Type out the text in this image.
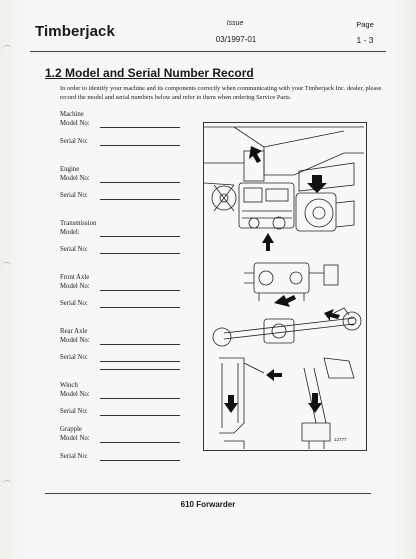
Timberjack	Issue
03/1997-01
Page
1 - 3
1.2 Model and Serial Number Record
In order to identify your machine and its components correctly when communicating with your Timberjack Inc. dealer, please record the model and serial numbers below and refer to them when ordering Service Parts.
Machine
Model No:
Serial No:
Engine
Model No:
Serial No:
Transmission
Model:
Serial No:
Front Axle
Model No:
Serial No:
Rear Axle
Model No:
Serial No:
Winch
Model No:
Serial No:
Grapple
Model No:
Serial No:
12777
610 Forwarder
